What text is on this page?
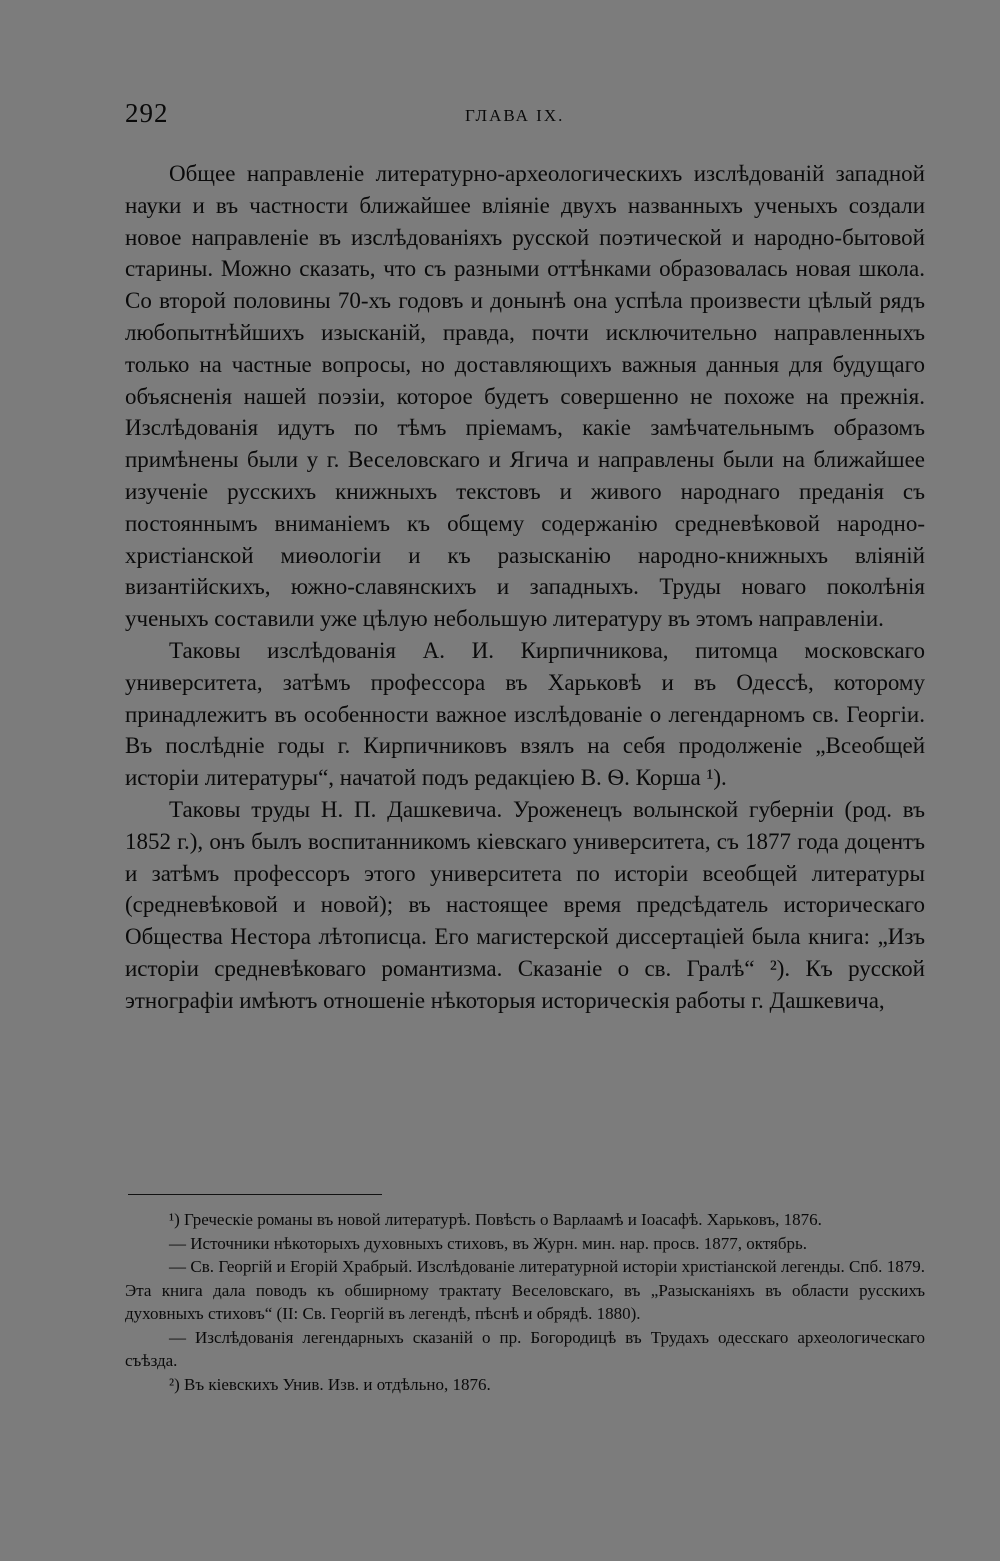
292	ГЛАВА IX.

Общее направленіе литературно-археологическихъ изслѣдованій западной науки и въ частности ближайшее вліяніе двухъ названныхъ ученыхъ создали новое направленіе въ изслѣдованіяхъ русской поэтической и народно-бытовой старины. Можно сказать, что съ разными оттѣнками образовалась новая школа. Со второй половины 70-хъ годовъ и донынѣ она успѣла произвести цѣлый рядъ любопытнѣйшихъ изысканій, правда, почти исключительно направленныхъ только на частные вопросы, но доставляющихъ важныя данныя для будущаго объясненія нашей поэзіи, которое будетъ совершенно не похоже на прежнія. Изслѣдованія идутъ по тѣмъ пріемамъ, какіе замѣчательнымъ образомъ примѣнены были у г. Веселовскаго и Ягича и направлены были на ближайшее изученіе русскихъ книжныхъ текстовъ и живого народнаго преданія съ постояннымъ вниманіемъ къ общему содержанію средневѣковой народно-христіанской миѳологіи и къ разысканію народно-книжныхъ вліяній византійскихъ, южно-славянскихъ и западныхъ. Труды новаго поколѣнія ученыхъ составили уже цѣлую небольшую литературу въ этомъ направленіи.

Таковы изслѣдованія А. И. Кирпичникова, питомца московскаго университета, затѣмъ профессора въ Харьковѣ и въ Одессѣ, которому принадлежитъ въ особенности важное изслѣдованіе о легендарномъ св. Георгіи. Въ послѣдніе годы г. Кирпичниковъ взялъ на себя продолженіе „Всеобщей исторіи литературы“, начатой подъ редакціею В. Ѳ. Корша ¹).

Таковы труды Н. П. Дашкевича. Уроженецъ волынской губерніи (род. въ 1852 г.), онъ былъ воспитанникомъ кіевскаго университета, съ 1877 года доцентъ и затѣмъ профессоръ этого университета по исторіи всеобщей литературы (средневѣковой и новой); въ настоящее время предсѣдатель историческаго Общества Нестора лѣтописца. Его магистерской диссертаціей была книга: „Изъ исторіи средневѣковаго романтизма. Сказаніе о св. Гралѣ“ ²). Къ русской этнографіи имѣютъ отношеніе нѣкоторыя историческія работы г. Дашкевича,

¹) Греческіе романы въ новой литературѣ. Повѣсть о Варлаамѣ и Іоасафѣ. Харьковъ, 1876.

— Источники нѣкоторыхъ духовныхъ стиховъ, въ Журн. мин. нар. просв. 1877, октябрь.

— Св. Георгій и Егорій Храбрый. Изслѣдованіе литературной исторіи христіанской легенды. Спб. 1879. Эта книга дала поводъ къ обширному трактату Веселовскаго, въ „Разысканіяхъ въ области русскихъ духовныхъ стиховъ“ (II: Св. Георгій въ легендѣ, пѣснѣ и обрядѣ. 1880).

— Изслѣдованія легендарныхъ сказаній о пр. Богородицѣ въ Трудахъ одесскаго археологическаго съѣзда.

²) Въ кіевскихъ Унив. Изв. и отдѣльно, 1876.
